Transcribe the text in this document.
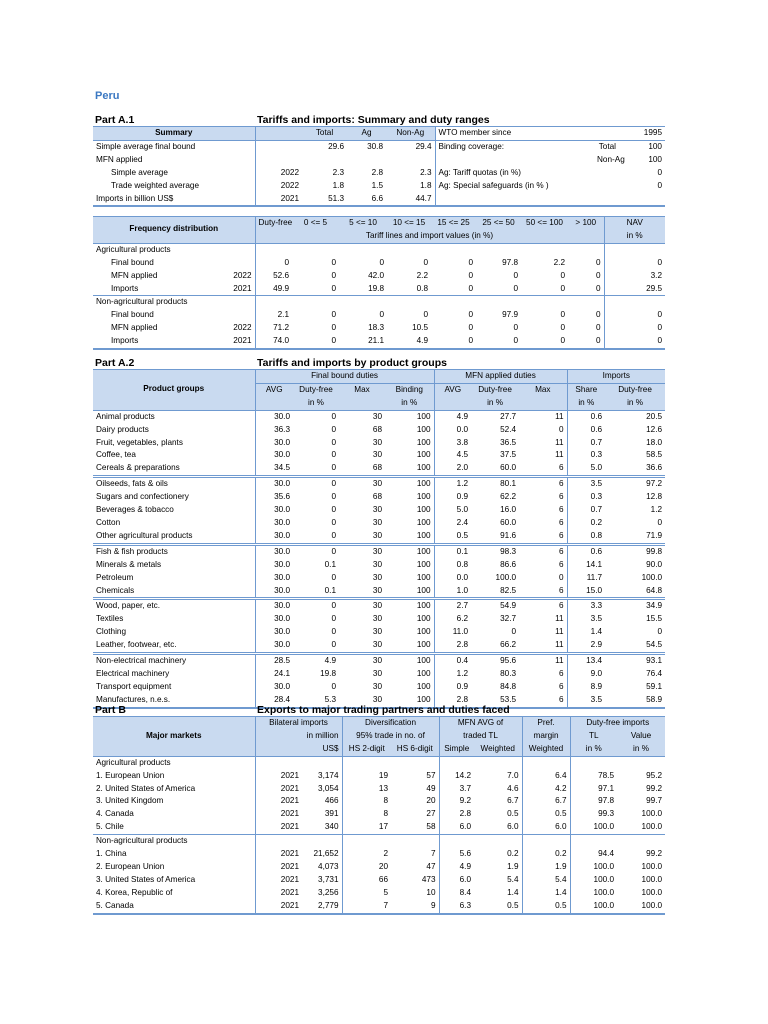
Peru
Part A.1	Tariffs and imports: Summary and duty ranges
Summary		Total	Ag	Non-Ag	WTO member since		1995
Simple average final bound		29.6	30.8	29.4	Binding coverage:	Total	100
MFN applied						Non-Ag	100
Simple average	2022	2.3	2.8	2.3	Ag: Tariff quotas (in %)		0
Trade weighted average	2022	1.8	1.5	1.8	Ag: Special safeguards (in % )		0
Imports in billion US$	2021	51.3	6.6	44.7			
Frequency distribution		Duty-free	0 <= 5	5 <= 10	10 <= 15	15 <= 25	25 <= 50	50 <= 100	> 100	NAV
		Tariff lines and import values (in %)								in %
Agricultural products										
Final bound		0	0	0	0	0	97.8	2.2	0	0
MFN applied	2022	52.6	0	42.0	2.2	0	0	0	0	3.2
Imports	2021	49.9	0	19.8	0.8	0	0	0	0	29.5
Non-agricultural products										
Final bound		2.1	0	0	0	0	97.9	0	0	0
MFN applied	2022	71.2	0	18.3	10.5	0	0	0	0	0
Imports	2021	74.0	0	21.1	4.9	0	0	0	0	0
Part A.2	Tariffs and imports by product groups
Product groups	Final bound duties				MFN applied duties			Imports	
	AVG	Duty-free	Max	Binding	AVG	Duty-free	Max	Share	Duty-free
		in %		in %		in %		in %	in %
Animal products	30.0	0	30	100	4.9	27.7	11	0.6	20.5
Dairy products	36.3	0	68	100	0.0	52.4	0	0.6	12.6
Fruit, vegetables, plants	30.0	0	30	100	3.8	36.5	11	0.7	18.0
Coffee, tea	30.0	0	30	100	4.5	37.5	11	0.3	58.5
Cereals & preparations	34.5	0	68	100	2.0	60.0	6	5.0	36.6
Oilseeds, fats & oils	30.0	0	30	100	1.2	80.1	6	3.5	97.2
Sugars and confectionery	35.6	0	68	100	0.9	62.2	6	0.3	12.8
Beverages & tobacco	30.0	0	30	100	5.0	16.0	6	0.7	1.2
Cotton	30.0	0	30	100	2.4	60.0	6	0.2	0
Other agricultural products	30.0	0	30	100	0.5	91.6	6	0.8	71.9
Fish & fish products	30.0	0	30	100	0.1	98.3	6	0.6	99.8
Minerals & metals	30.0	0.1	30	100	0.8	86.6	6	14.1	90.0
Petroleum	30.0	0	30	100	0.0	100.0	0	11.7	100.0
Chemicals	30.0	0.1	30	100	1.0	82.5	6	15.0	64.8
Wood, paper, etc.	30.0	0	30	100	2.7	54.9	6	3.3	34.9
Textiles	30.0	0	30	100	6.2	32.7	11	3.5	15.5
Clothing	30.0	0	30	100	11.0	0	11	1.4	0
Leather, footwear, etc.	30.0	0	30	100	2.8	66.2	11	2.9	54.5
Non-electrical machinery	28.5	4.9	30	100	0.4	95.6	11	13.4	93.1
Electrical machinery	24.1	19.8	30	100	1.2	80.3	6	9.0	76.4
Transport equipment	30.0	0	30	100	0.9	84.8	6	8.9	59.1
Manufactures, n.e.s.	28.4	5.3	30	100	2.8	53.5	6	3.5	58.9
Part B	Exports to major trading partners and duties faced
Major markets	Bilateral imports		Diversification		MFN AVG of		Pref.	Duty-free imports	
	in million		95% trade in no. of		traded TL		margin	TL	Value
	US$		HS 2-digit	HS 6-digit	Simple	Weighted	Weighted	in %	in %
Agricultural products									
1. European Union	2021	3,174	19	57	14.2	7.0	6.4	78.5	95.2
2. United States of America	2021	3,054	13	49	3.7	4.6	4.2	97.1	99.2
3. United Kingdom	2021	466	8	20	9.2	6.7	6.7	97.8	99.7
4. Canada	2021	391	8	27	2.8	0.5	0.5	99.3	100.0
5. Chile	2021	340	17	58	6.0	6.0	6.0	100.0	100.0
Non-agricultural products									
1. China	2021	21,652	2	7	5.6	0.2	0.2	94.4	99.2
2. European Union	2021	4,073	20	47	4.9	1.9	1.9	100.0	100.0
3. United States of America	2021	3,731	66	473	6.0	5.4	5.4	100.0	100.0
4. Korea, Republic of	2021	3,256	5	10	8.4	1.4	1.4	100.0	100.0
5. Canada	2021	2,779	7	9	6.3	0.5	0.5	100.0	100.0
